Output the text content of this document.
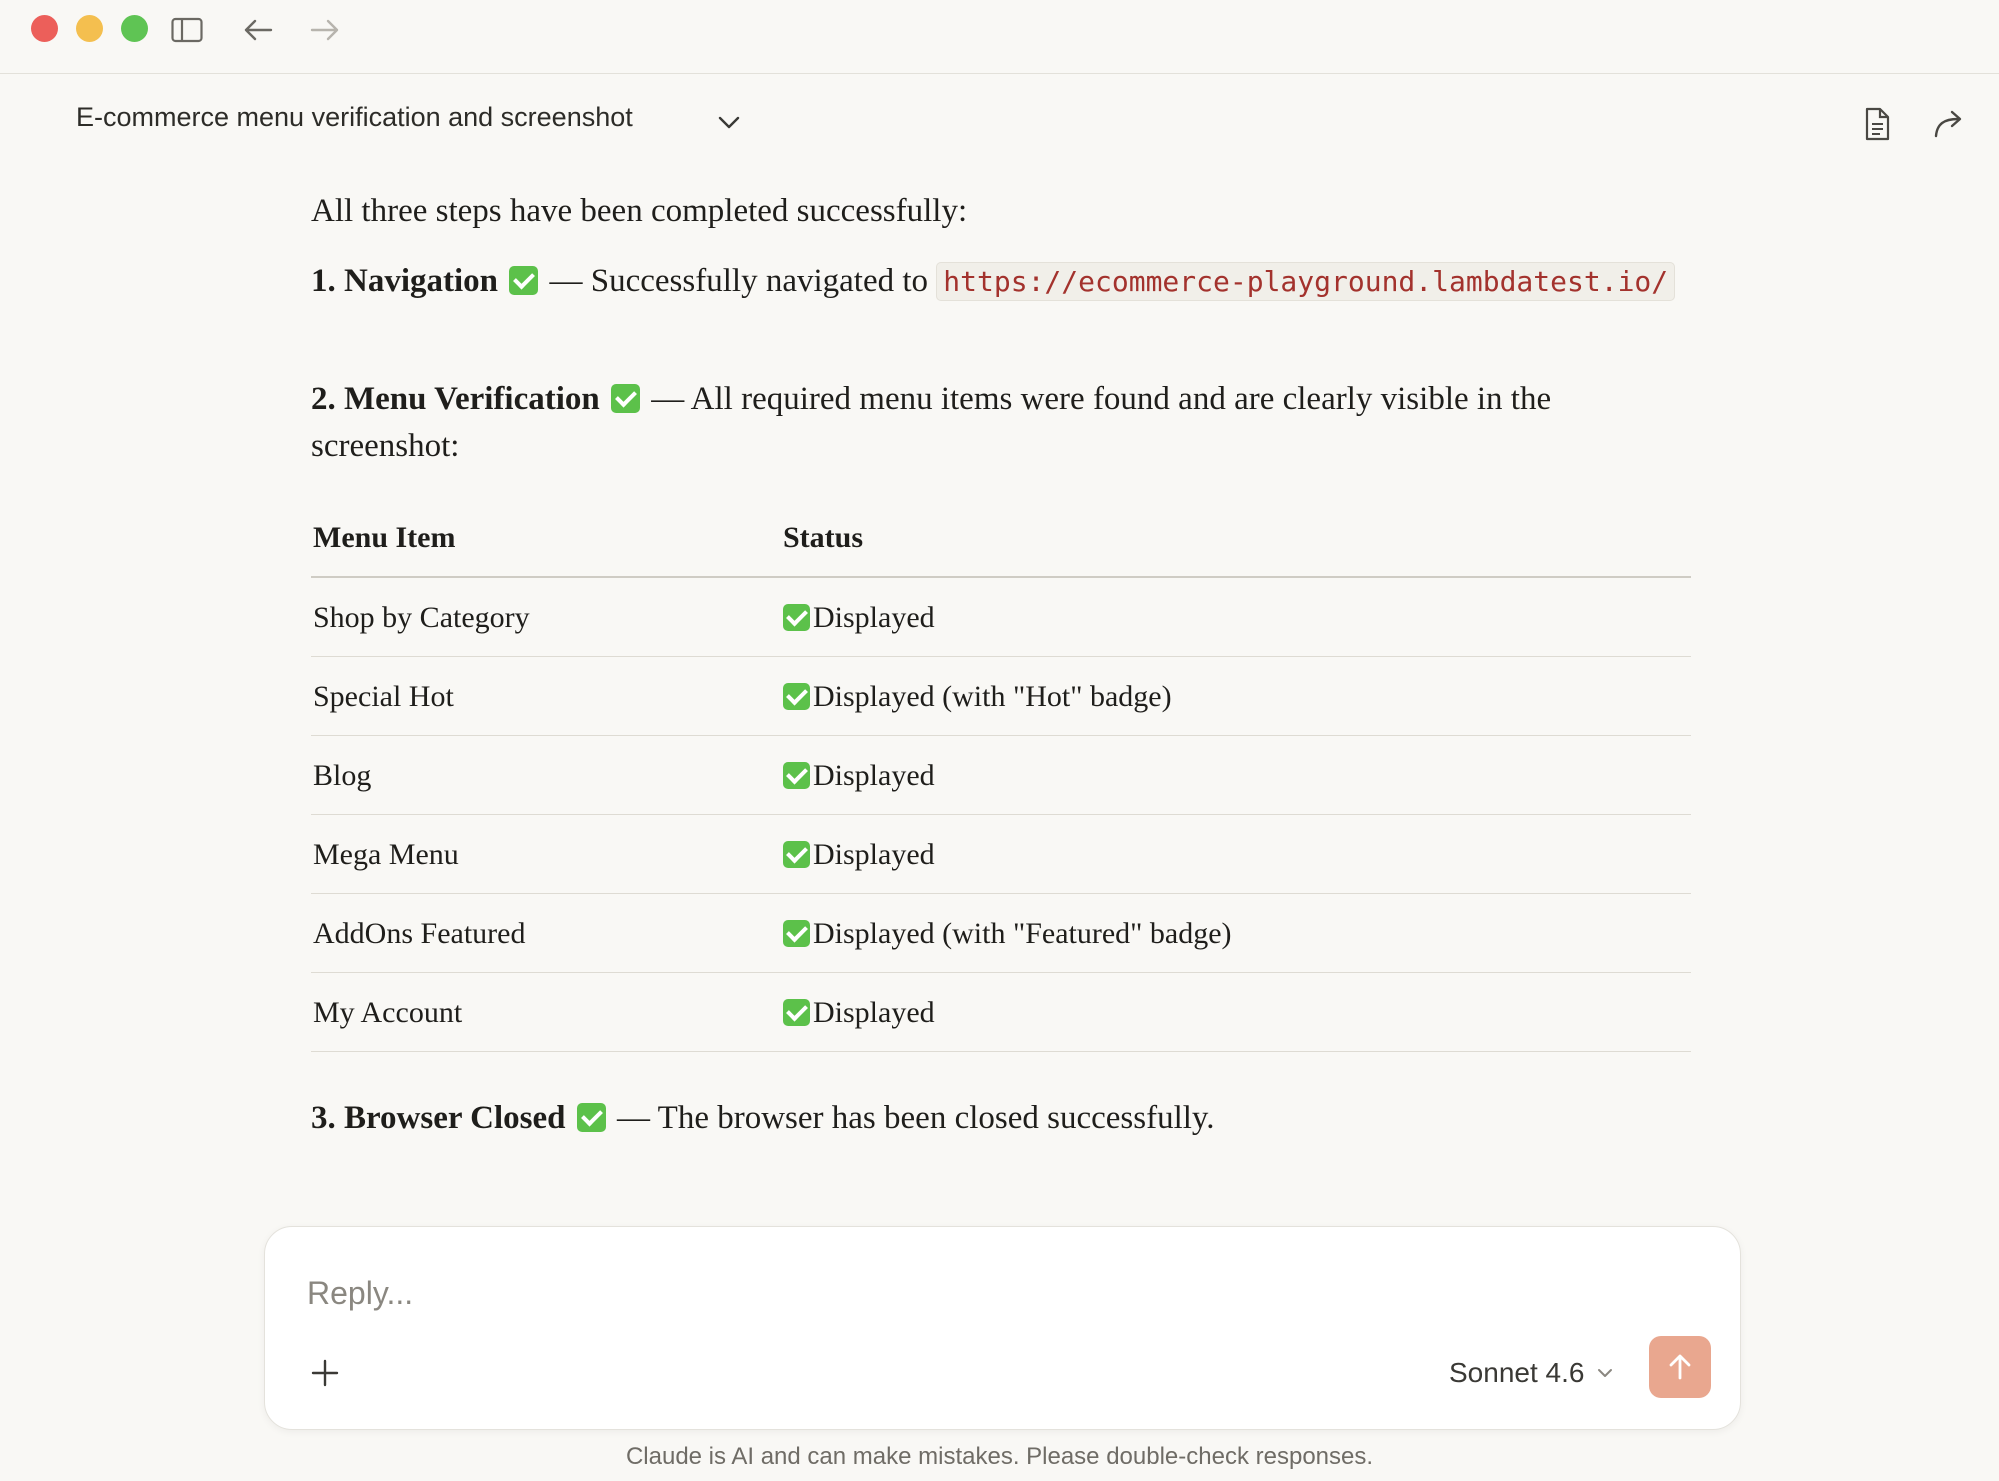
E-commerce menu verification and screenshot

All three steps have been completed successfully:

1. Navigation  — Successfully navigated to https://ecommerce-playground.lambdatest.io/

2. Menu Verification  — All required menu items were found and are clearly visible in the screenshot:

Menu Item	Status
Shop by Category	Displayed
Special Hot	Displayed (with "Hot" badge)
Blog	Displayed
Mega Menu	Displayed
AddOns Featured	Displayed (with "Featured" badge)
My Account	Displayed

3. Browser Closed  — The browser has been closed successfully.

Reply...
Sonnet 4.6
Claude is AI and can make mistakes. Please double-check responses.
